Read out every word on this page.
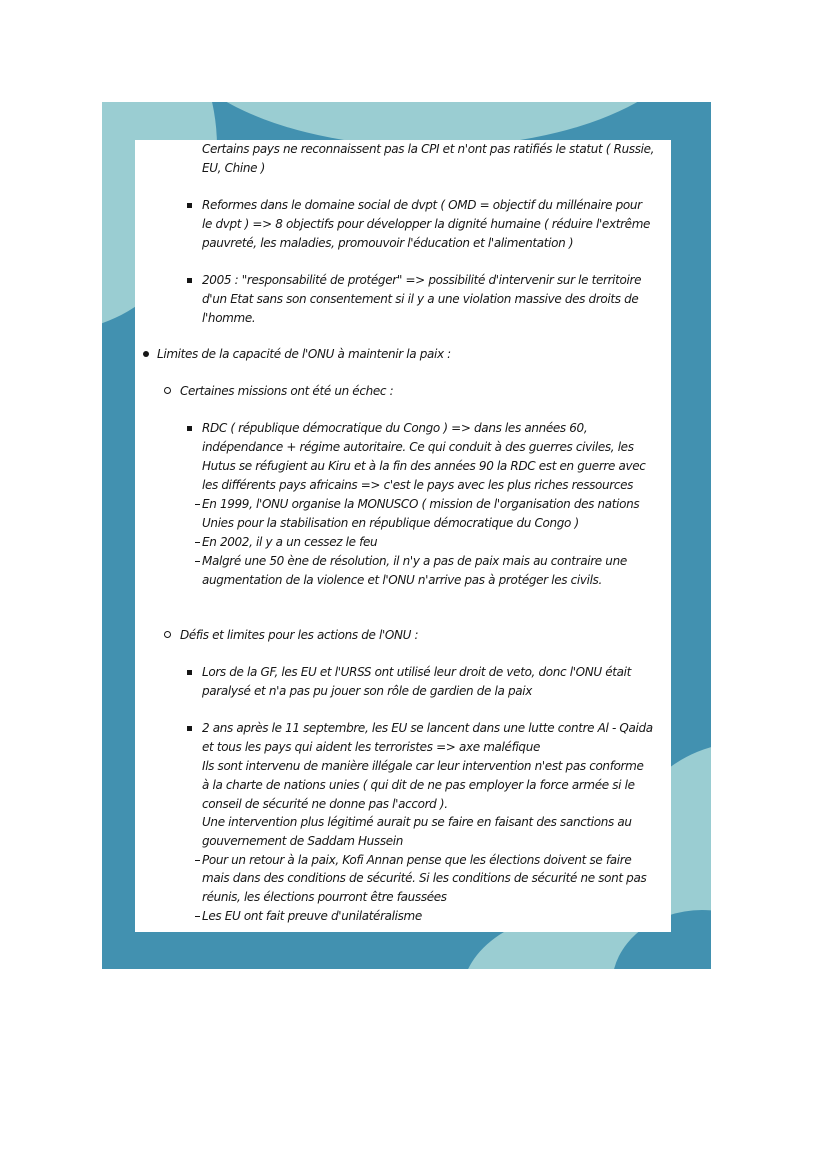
Certains pays ne reconnaissent pas la CPI et n'ont pas ratifiés le statut ( Russie,
EU, Chine )
Reformes dans le domaine social de dvpt ( OMD = objectif du millénaire pour
le dvpt ) => 8 objectifs pour développer la dignité humaine ( réduire l'extrême
pauvreté, les maladies, promouvoir l'éducation et l'alimentation )
2005 : "responsabilité de protéger" => possibilité d'intervenir sur le territoire
d'un Etat sans son consentement si il y a une violation massive des droits de
l'homme.
Limites de la capacité de l'ONU à maintenir la paix :
Certaines missions ont été un échec :
RDC ( république démocratique du Congo ) => dans les années 60,
indépendance + régime autoritaire. Ce qui conduit à des guerres civiles, les
Hutus se réfugient au Kiru et à la fin des années 90 la RDC est en guerre avec
les différents pays africains => c'est le pays avec les plus riches ressources
En 1999, l'ONU organise la MONUSCO ( mission de l'organisation des nations
Unies pour la stabilisation en république démocratique du Congo )
En 2002, il y a un cessez le feu
Malgré une 50 ène de résolution, il n'y a pas de paix mais au contraire une
augmentation de la violence et l'ONU n'arrive pas à protéger les civils.
Défis et limites pour les actions de l'ONU :
Lors de la GF, les EU et l'URSS ont utilisé leur droit de veto, donc l'ONU était
paralysé et n'a pas pu jouer son rôle de gardien de la paix
2 ans après le 11 septembre, les EU se lancent dans une lutte contre Al - Qaida
et tous les pays qui aident les terroristes => axe maléfique
Ils sont intervenu de manière illégale car leur intervention n'est pas conforme
à la charte de nations unies ( qui dit de ne pas employer la force armée si le
conseil de sécurité ne donne pas l'accord ).
Une intervention plus légitimé aurait pu se faire en faisant des sanctions au
gouvernement de Saddam Hussein
Pour un retour à la paix, Kofi Annan pense que les élections doivent se faire
mais dans des conditions de sécurité. Si les conditions de sécurité ne sont pas
réunis, les élections pourront être faussées
Les EU ont fait preuve d'unilatéralisme
